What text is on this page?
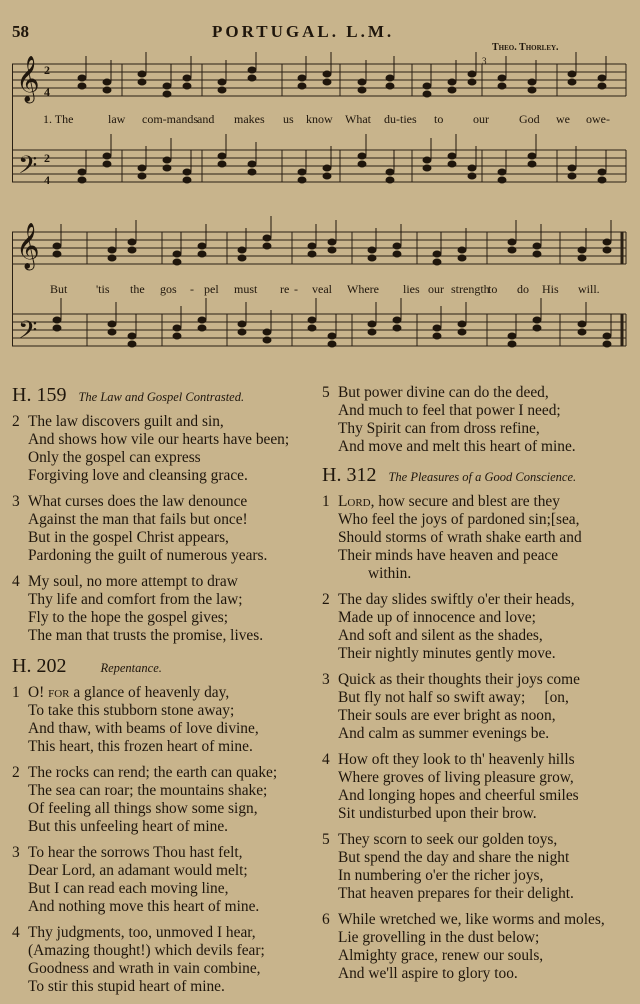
58	PORTUGAL. L.M.
Theo. Thorley.
3
𝄞
𝄢
𝄞
𝄢
2
4
2
4
1. The	law com-mands and makes us know What du-ties to our	God we owe-
But 'tis the gos - pel must re - veal Where lies our strength
to do His will.
H. 159 The Law and Gospel Contrasted.
2 The law discovers guilt and sin,
And shows how vile our hearts have been;
Only the gospel can express
Forgiving love and cleansing grace.
3 What curses does the law denounce
Against the man that fails but once!
But in the gospel Christ appears,
Pardoning the guilt of numerous years.
4 My soul, no more attempt to draw
Thy life and comfort from the law;
Fly to the hope the gospel gives;
The man that trusts the promise, lives.
H. 202	Repentance.
1 O! for a glance of heavenly day,
To take this stubborn stone away;
And thaw, with beams of love divine,
This heart, this frozen heart of mine.
2 The rocks can rend; the earth can quake;
The sea can roar; the mountains shake;
Of feeling all things show some sign,
But this unfeeling heart of mine.
3 To hear the sorrows Thou hast felt,
Dear Lord, an adamant would melt;
But I can read each moving line,
And nothing move this heart of mine.
4 Thy judgments, too, unmoved I hear,
(Amazing thought!) which devils fear;
Goodness and wrath in vain combine,
To stir this stupid heart of mine.
5 But power divine can do the deed,
And much to feel that power I need;
Thy Spirit can from dross refine,
And move and melt this heart of mine.
H. 312 The Pleasures of a Good Conscience.
1 Lord, how secure and blest are they
Who feel the joys of pardoned sin;[sea,
Should storms of wrath shake earth and
Their minds have heaven and peace
within.
2 The day slides swiftly o'er their heads,
Made up of innocence and love;
And soft and silent as the shades,
Their nightly minutes gently move.
3 Quick as their thoughts their joys come
But fly not half so swift away;     [on,
Their souls are ever bright as noon,
And calm as summer evenings be.
4 How oft they look to th' heavenly hills
Where groves of living pleasure grow,
And longing hopes and cheerful smiles
Sit undisturbed upon their brow.
5 They scorn to seek our golden toys,
But spend the day and share the night
In numbering o'er the richer joys,
That heaven prepares for their delight.
6 While wretched we, like worms and moles,
Lie grovelling in the dust below;
Almighty grace, renew our souls,
And we'll aspire to glory too.
